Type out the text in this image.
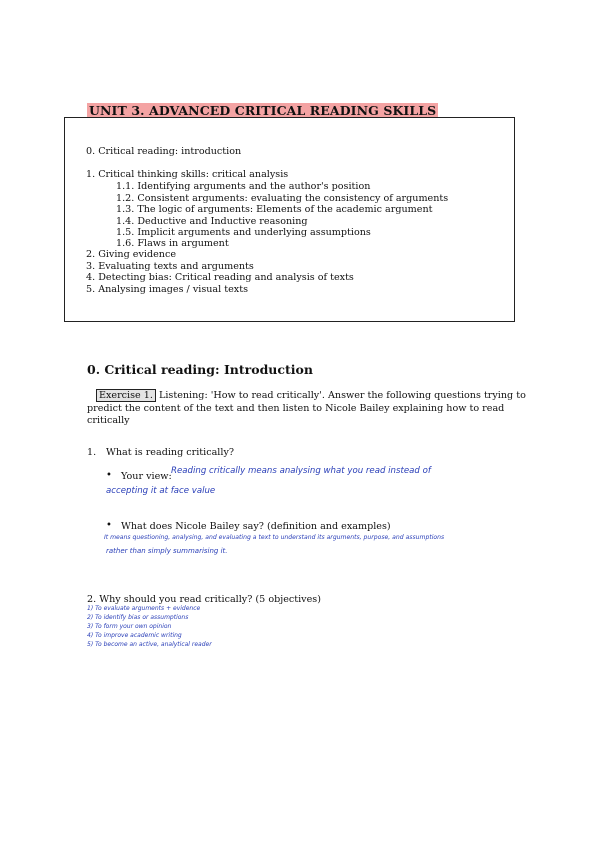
UNIT 3. ADVANCED CRITICAL READING SKILLS
0. Critical reading: introduction
1. Critical thinking skills: critical analysis
1.1. Identifying arguments and the author's position
1.2. Consistent arguments: evaluating the consistency of arguments
1.3. The logic of arguments: Elements of the academic argument
1.4. Deductive and Inductive reasoning
1.5. Implicit arguments and underlying assumptions
1.6. Flaws in argument
2. Giving evidence
3. Evaluating texts and arguments
4. Detecting bias: Critical reading and analysis of texts
5. Analysing images / visual texts
0. Critical reading: Introduction
Exercise 1. Listening: 'How to read critically'. Answer the following questions trying to
predict the content of the text and then listen to Nicole Bailey explaining how to read
critically
1. What is reading critically?
• Your view: Reading critically means analysing what you read instead of
accepting it at face value
• What does Nicole Bailey say? (definition and examples)
It means questioning, analysing, and evaluating a text to understand its arguments, purpose, and assumptions
rather than simply summarising it.
2. Why should you read critically? (5 objectives)
1) To evaluate arguments + evidence
2) To identify bias or assumptions
3) To form your own opinion
4) To improve academic writing
5) To become an active, analytical reader
